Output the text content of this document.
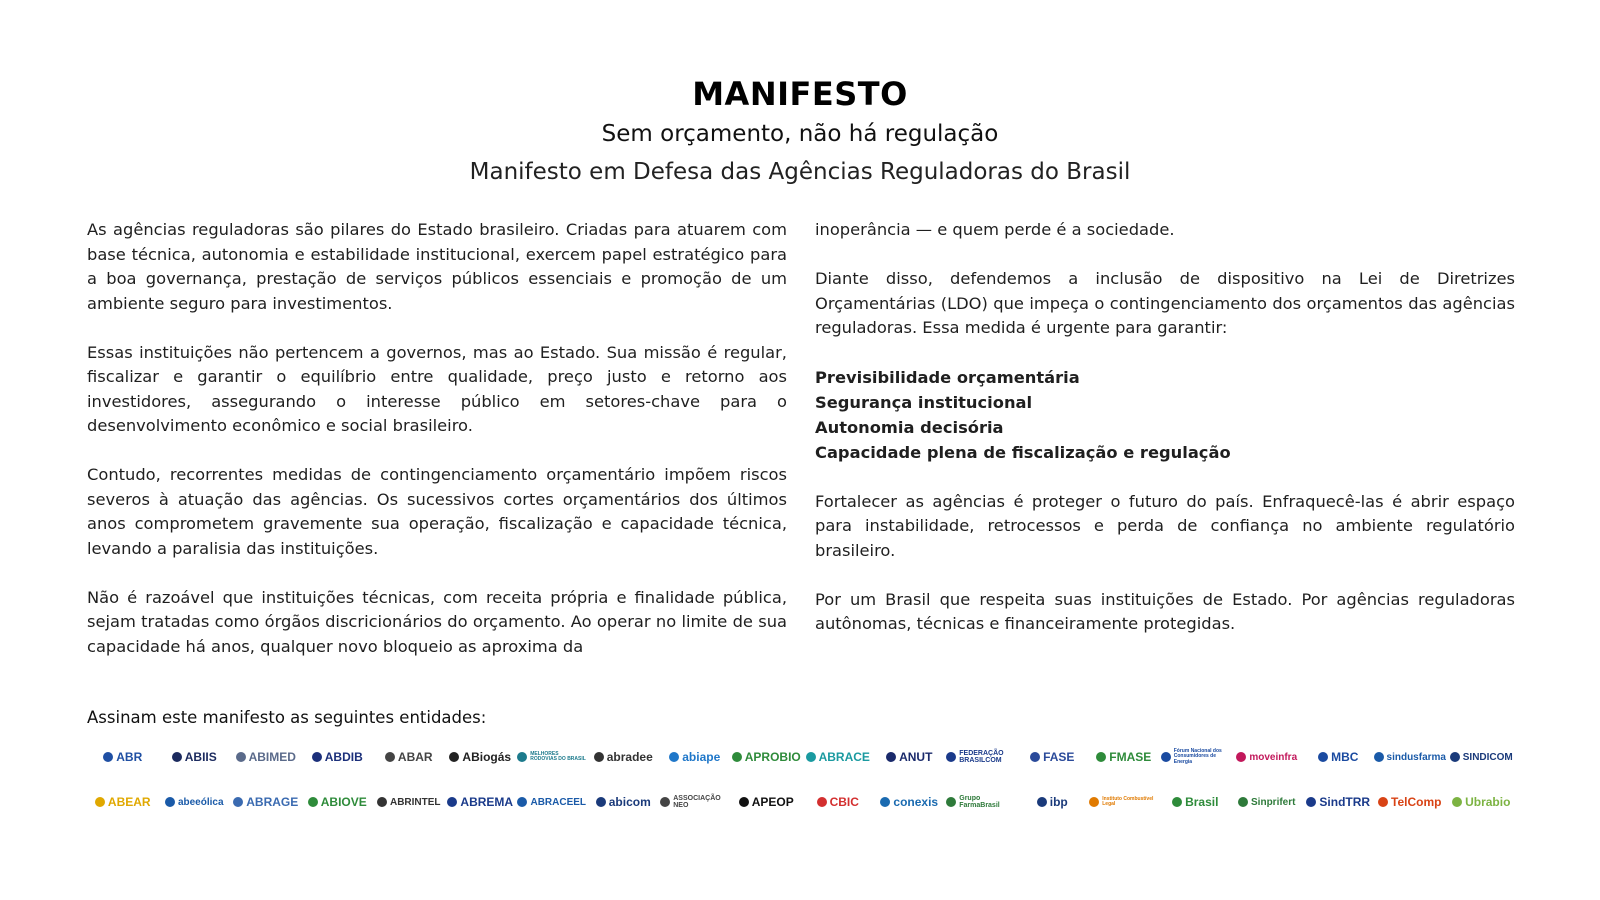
MANIFESTO
Sem orçamento, não há regulação
Manifesto em Defesa das Agências Reguladoras do Brasil

As agências reguladoras são pilares do Estado brasileiro. Criadas para atuarem com base técnica, autonomia e estabilidade institucional, exercem papel estratégico para a boa governança, prestação de serviços públicos essenciais e promoção de um ambiente seguro para investimentos.

Essas instituições não pertencem a governos, mas ao Estado. Sua missão é regular, fiscalizar e garantir o equilíbrio entre qualidade, preço justo e retorno aos investidores, assegurando o interesse público em setores-chave para o desenvolvimento econômico e social brasileiro.

Contudo, recorrentes medidas de contingenciamento orçamentário impõem riscos severos à atuação das agências. Os sucessivos cortes orçamentários dos últimos anos comprometem gravemente sua operação, fiscalização e capacidade técnica, levando a paralisia das instituições.

Não é razoável que instituições técnicas, com receita própria e finalidade pública, sejam tratadas como órgãos discricionários do orçamento. Ao operar no limite de sua capacidade há anos, qualquer novo bloqueio as aproxima da

inoperância — e quem perde é a sociedade.

Diante disso, defendemos a inclusão de dispositivo na Lei de Diretrizes Orçamentárias (LDO) que impeça o contingenciamento dos orçamentos das agências reguladoras. Essa medida é urgente para garantir:

Previsibilidade orçamentária
Segurança institucional
Autonomia decisória
Capacidade plena de fiscalização e regulação

Fortalecer as agências é proteger o futuro do país. Enfraquecê-las é abrir espaço para instabilidade, retrocessos e perda de confiança no ambiente regulatório brasileiro.

Por um Brasil que respeita suas instituições de Estado. Por agências reguladoras autônomas, técnicas e financeiramente protegidas.

Assinam este manifesto as seguintes entidades:
ABR	ABIIS	ABIMED ABDIB	ABAR ABiogás	MELHORES RODOVIAS DO BRASIL abradee abiape APROBIO ABRACE ANUT	FEDERAÇÃO BRASILCOM	FASE	FMASE	Fórum Nacional dos Consumidores de Energia	moveinfra	MBC	sindusfarma SINDICOM
ABEAR	abeeólica ABRAGE ABIOVE ABRINTEL ABREMA ABRACEEL abicom	ASSOCIAÇÃO NEO	APEOP	CBIC	conexis	Grupo FarmaBrasil	ibp	Instituto Combustível Legal	Brasil	Sinprifert SindTRR TelComp Ubrabio
